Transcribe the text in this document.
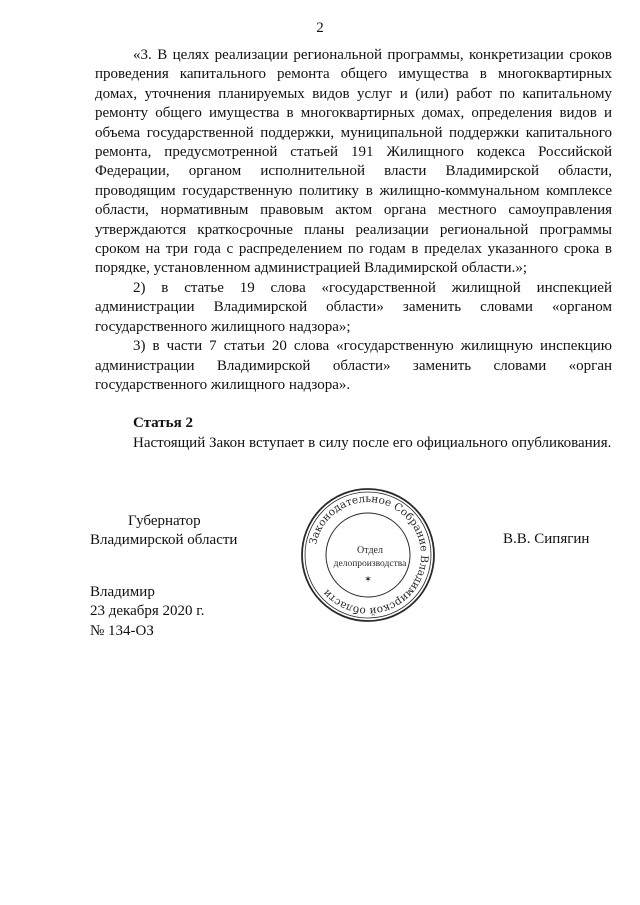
2

«3. В целях реализации региональной программы, конкретизации сроков проведения капитального ремонта общего имущества в многоквартирных домах, уточнения планируемых видов услуг и (или) работ по капитальному ремонту общего имущества в многоквартирных домах, определения видов и объема государственной поддержки, муниципальной поддержки капитального ремонта, предусмотренной статьей 191 Жилищного кодекса Российской Федерации, органом исполнительной власти Владимирской области, проводящим государственную политику в жилищно-коммунальном комплексе области, нормативным правовым актом органа местного самоуправления утверждаются краткосрочные планы реализации региональной программы сроком на три года с распределением по годам в пределах указанного срока в порядке, установленном администрацией Владимирской области.»;

2) в статье 19 слова «государственной жилищной инспекцией администрации Владимирской области» заменить словами «органом государственного жилищного надзора»;

3) в части 7 статьи 20 слова «государственную жилищную инспекцию администрации Владимирской области» заменить словами «орган государственного жилищного надзора».

Статья 2

Настоящий Закон вступает в силу после его официального опубликования.

Губернатор
Владимирской области	В.В. Сипягин
Законодательное Собрание Владимирской области
✶
Отдел
делопроизводства
Владимир
23 декабря 2020 г.
№ 134-ОЗ
